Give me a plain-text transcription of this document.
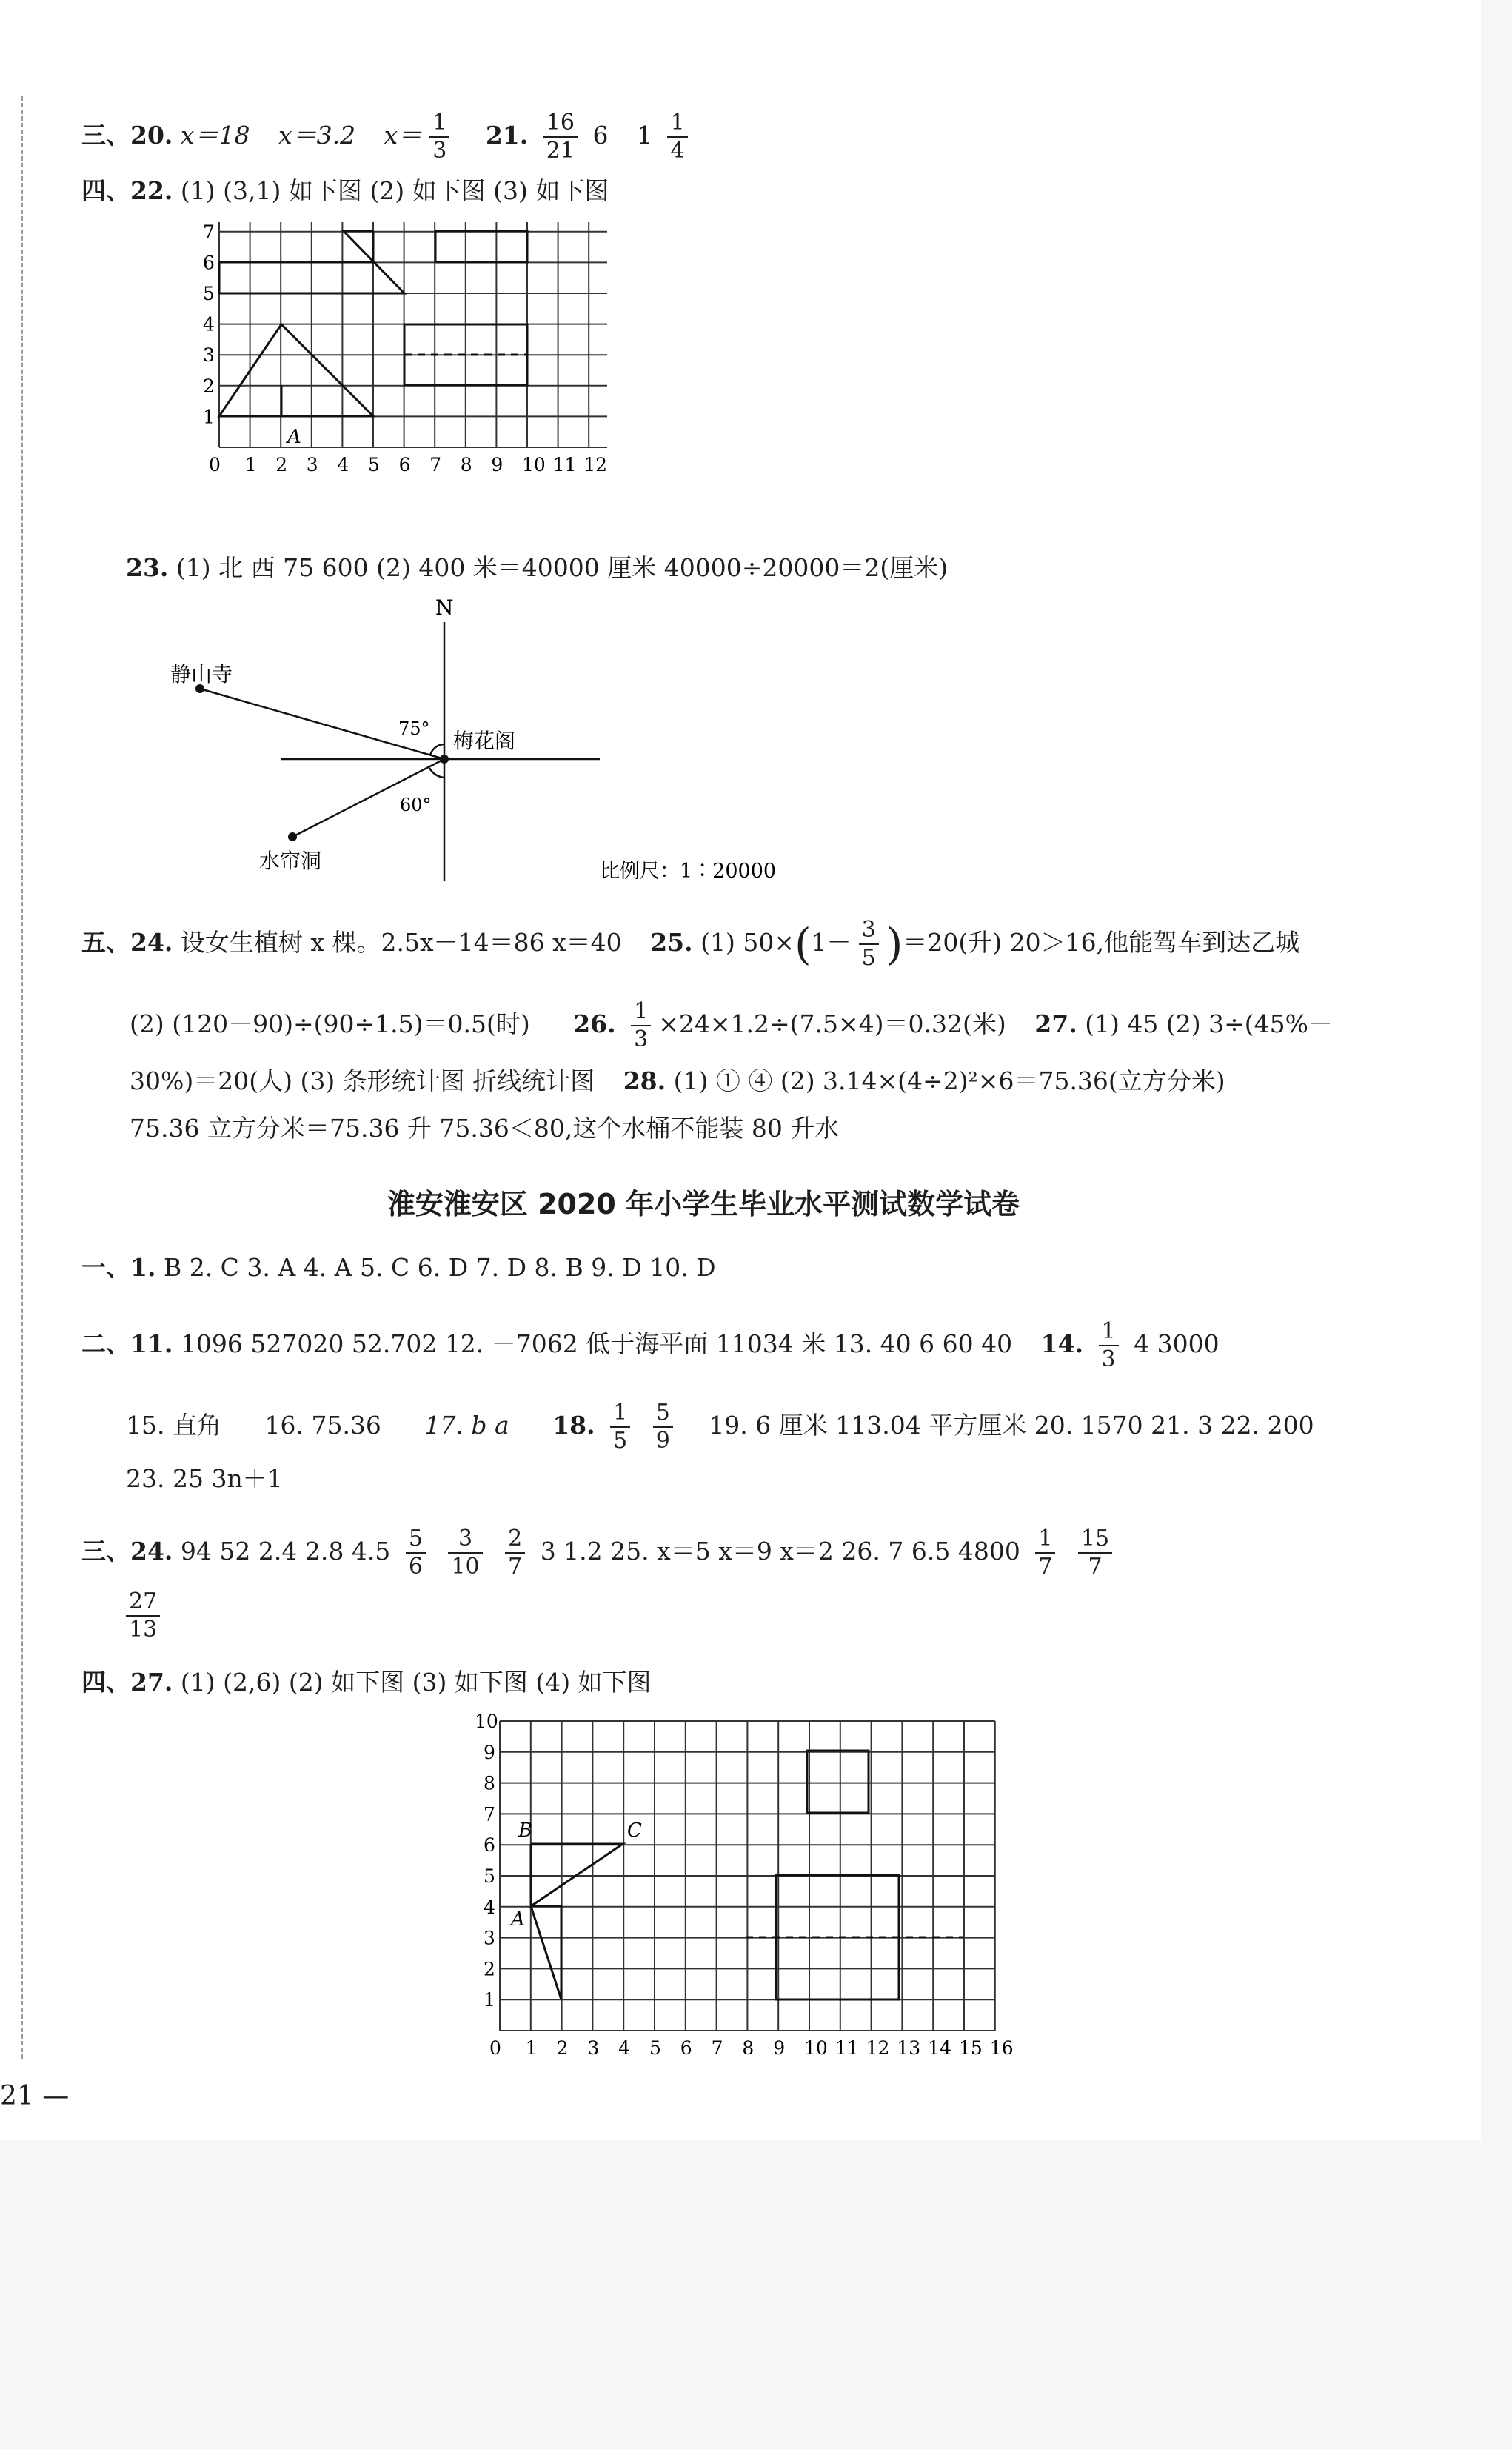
三、20. x＝18 x＝3.2 $x= \frac{1}{3} 21$. $\frac{16}{21} 6$ $1 \frac{1}{4}$
四、22. (1) (3,1) 如下图 (2) 如下图 (3) 如下图
A
0 1 2 3 4 5 6 7 8 9 10 11 12
1
2
3
4
5
6
7
23. (1) 北 西 75 600 (2) 400 米＝40000 厘米 40000÷20000＝2(厘米)
N
静山寺
梅花阁
水帘洞
75°
60°
比例尺：1∶20000
五、24. 设女生植树 x 棵。2.5x－14＝86 x＝40 25. (1) $50\times(1- \frac{3}{5} )=20$(升) 20＞16,他能驾车到达乙城
(2) (120－90)÷(90÷1.5)＝0.5(时) 26. $\frac{1}{3} \times 24\times 1.2\div(7.5\times 4)=0.32$(米) 27. (1) 45 (2) 3÷(45%－
30%)＝20(人) (3) 条形统计图 折线统计图 28. (1) ① ④ (2) 3.14×(4÷2)²×6＝75.36(立方分米)
75.36 立方分米＝75.36 升 75.36＜80,这个水桶不能装 80 升水
淮安淮安区 2020 年小学生毕业水平测试数学试卷
一、1. B 2. C 3. A 4. A 5. C 6. D 7. D 8. B 9. D 10. D
二、11. 1096 527020 52.702 12. －7062 低于海平面 11034 米 13. 40 6 60 40 14. $\frac{1}{3} 4$ 3000
15. 直角 16. 75.36 17. b a 18. $\frac{1}{5}$
$\frac{5}{9} 19$. 6 厘米 113.04 平方厘米 20. 1570 21. 3 22. 200
23. 25 3n＋1
三、24. 94 52 2.4 2.8 $4.5 \frac{5}{6}$
$\frac{3}{10}$
$\frac{2}{7} 3$ 1.2 25. x＝5 x＝9 x＝2 26. 7 6.5 $4800 \frac{1}{7}$
$\frac{15}{7}$
$\frac{27}{13}$
四、27. (1) (2,6) (2) 如下图 (3) 如下图 (4) 如下图
B	C
A
0 1 2 3 4 5 6 7 8 9 10 11 12 13 14 15 16
1
2
3
4
5
6
7
8
9
10
21 —
